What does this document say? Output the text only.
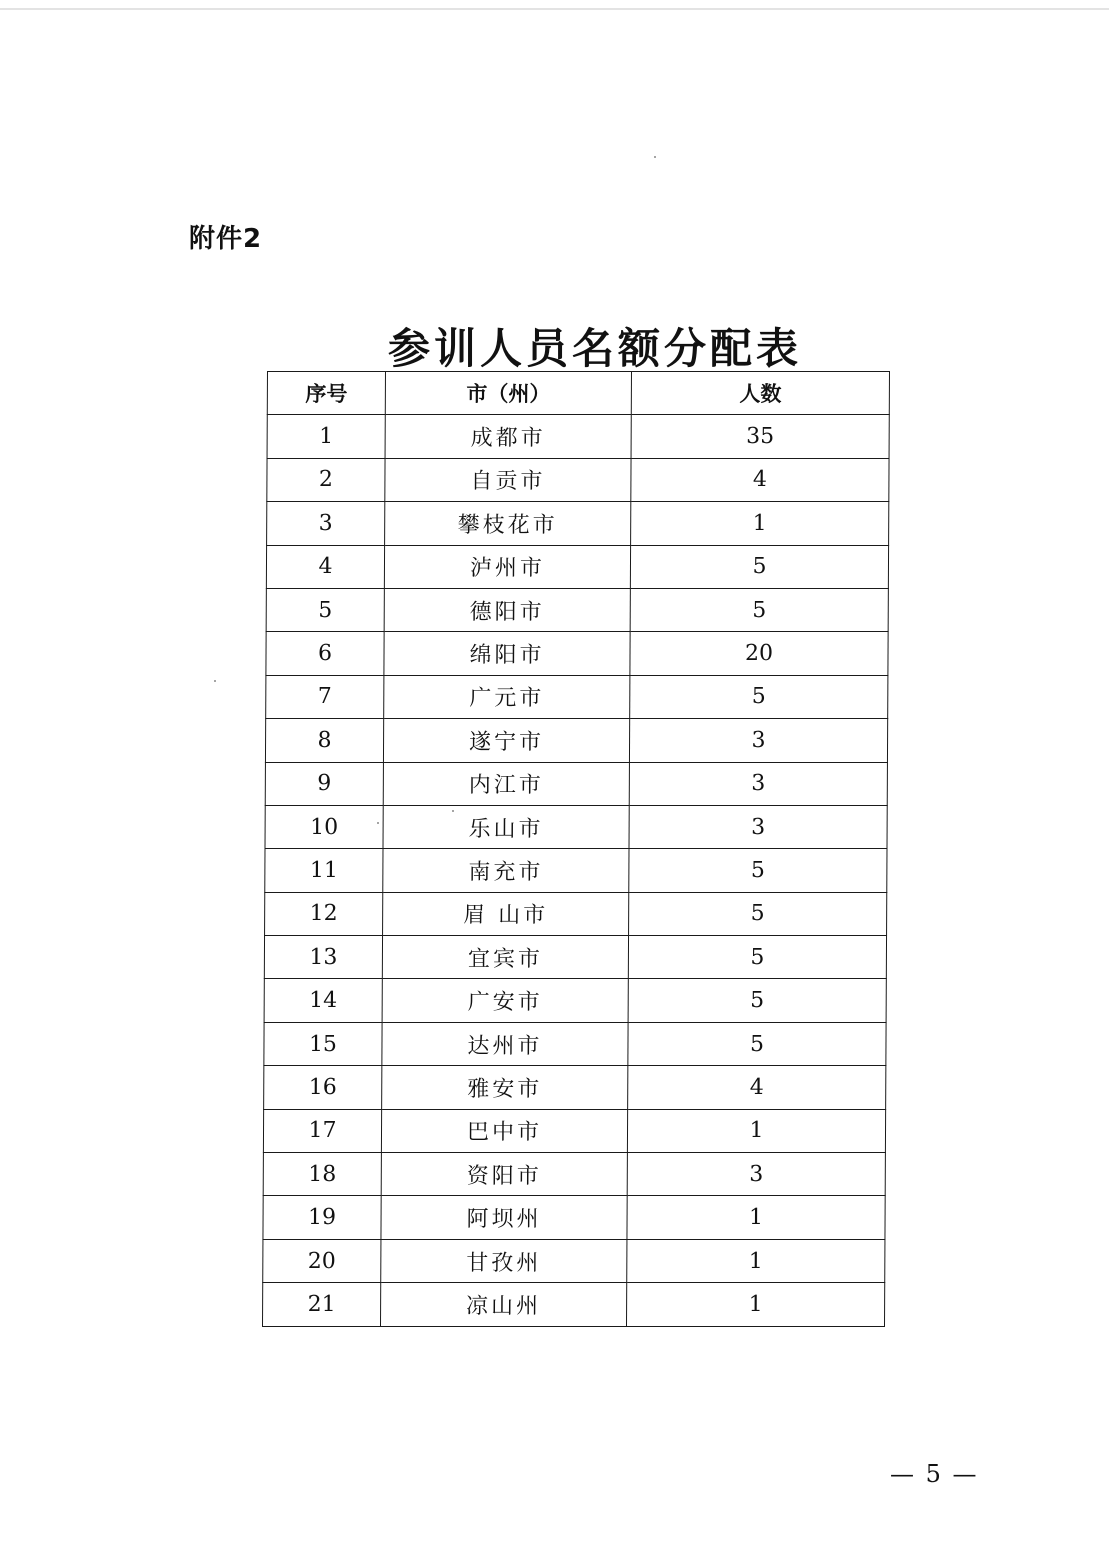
附件2
参训人员名额分配表
序号	市（州）	人数
1	成都市	35
2	自贡市	4
3	攀枝花市	1
4	泸州市	5
5	德阳市	5
6	绵阳市	20
7	广元市	5
8	遂宁市	3
9	内江市	3
10	乐山市	3
11	南充市	5
12	眉 山市	5
13	宜宾市	5
14	广安市	5
15	达州市	5
16	雅安市	4
17	巴中市	1
18	资阳市	3
19	阿坝州	1
20	甘孜州	1
21	凉山州	1
— 5 —
